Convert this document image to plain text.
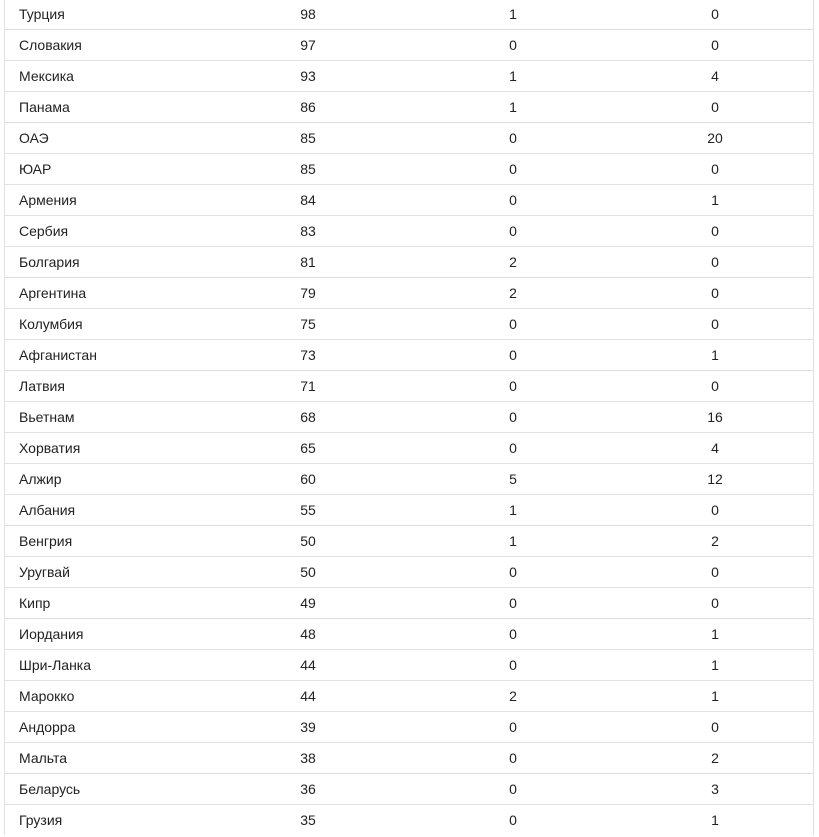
Турция	98	1	0
Словакия	97	0	0
Мексика	93	1	4
Панама	86	1	0
ОАЭ	85	0	20
ЮАР	85	0	0
Армения	84	0	1
Сербия	83	0	0
Болгария	81	2	0
Аргентина	79	2	0
Колумбия	75	0	0
Афганистан	73	0	1
Латвия	71	0	0
Вьетнам	68	0	16
Хорватия	65	0	4
Алжир	60	5	12
Албания	55	1	0
Венгрия	50	1	2
Уругвай	50	0	0
Кипр	49	0	0
Иордания	48	0	1
Шри-Ланка	44	0	1
Марокко	44	2	1
Андорра	39	0	0
Мальта	38	0	2
Беларусь	36	0	3
Грузия	35	0	1
